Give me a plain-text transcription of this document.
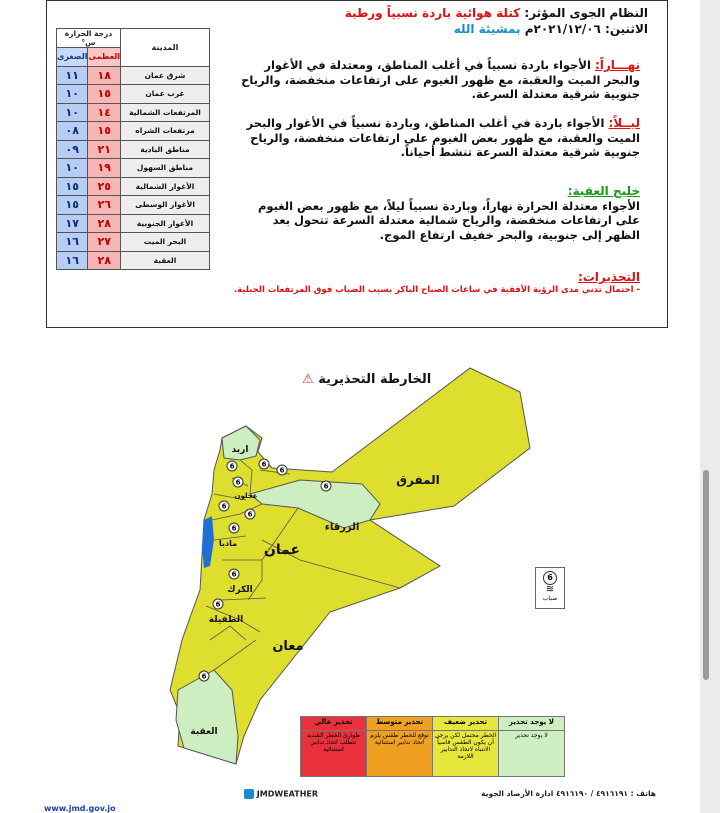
المدينة	درجة الحرارة س°	
	العظمى	الصغرى
شرق عمان	١٨	١١
غرب عمان	١٥	١٠
المرتفعات الشمالية	١٤	١٠
مرتفعات الشراه	١٥	٠٨
مناطق البادية	٢١	٠٩
مناطق السهول	١٩	١٠
الأغوار الشمالية	٢٥	١٥
الأغوار الوسطى	٢٦	١٥
الأغوار الجنوبية	٢٨	١٧
البحر الميت	٢٧	١٦
العقبة	٢٨	١٦
النظام الجوى المؤثر: كتلة هوائية باردة نسبياً ورطبة
الاثنين: ٢٠٢١/١٢/٠٦م بمشيئة الله
نهـــاراً: الأجواء باردة نسبياً في أغلب المناطق، ومعتدلة في الأغوار والبحر الميت والعقبة، مع ظهور الغيوم على ارتفاعات منخفضة، والرياح جنوبية شرقية معتدلة السرعة.
ليــلاً: الأجواء باردة في أغلب المناطق، وباردة نسبياً في الأغوار والبحر الميت والعقبة، مع ظهور بعض الغيوم على ارتفاعات منخفضة، والرياح جنوبية شرقية معتدلة السرعة تنشط أحياناً.
خليج العقبة:
الأجواء معتدلة الحرارة نهاراً، وباردة نسبياً ليلاً، مع ظهور بعض الغيوم على ارتفاعات منخفضة، والرياح شمالية معتدلة السرعة تتحول بعد الظهر إلى جنوبية، والبحر خفيف ارتفاع الموج.
التحذيرات:
- احتمال تدني مدى الرؤية الأفقية في ساعات الصباح الباكر بسبب الضباب فوق المرتفعات الجبلية.
الخارطة التحذيرية ⚠
6	6
6
6
6
6
6
6
6
6
6
اربد
عجلون
مادبا عمان
الزرقاء
المفرق
الكرك
الطفيلة
معان
العقبة
6
≋
ضباب
لا يوجد تحذير	تحذير ضعيف	تحذير متوسط	تحذير عالي
لا يوجد تحذير	الخطر محتمل لكن يرجى أن يكون الطقس قاسياً الانتباه لاتخاذ التدابير اللازمة	توقع للخطر طقس يلزم اتخاذ تدابير استثنائية	طوارئ الخطر الشديد تتطلب اتخاذ تدابير استثنائية
هاتف : ٤٩١٦١٩١ / ٤٩١٦١٩٠ ادارة الأرصاد الجوية
JMDWEATHER
www.jmd.gov.jo
